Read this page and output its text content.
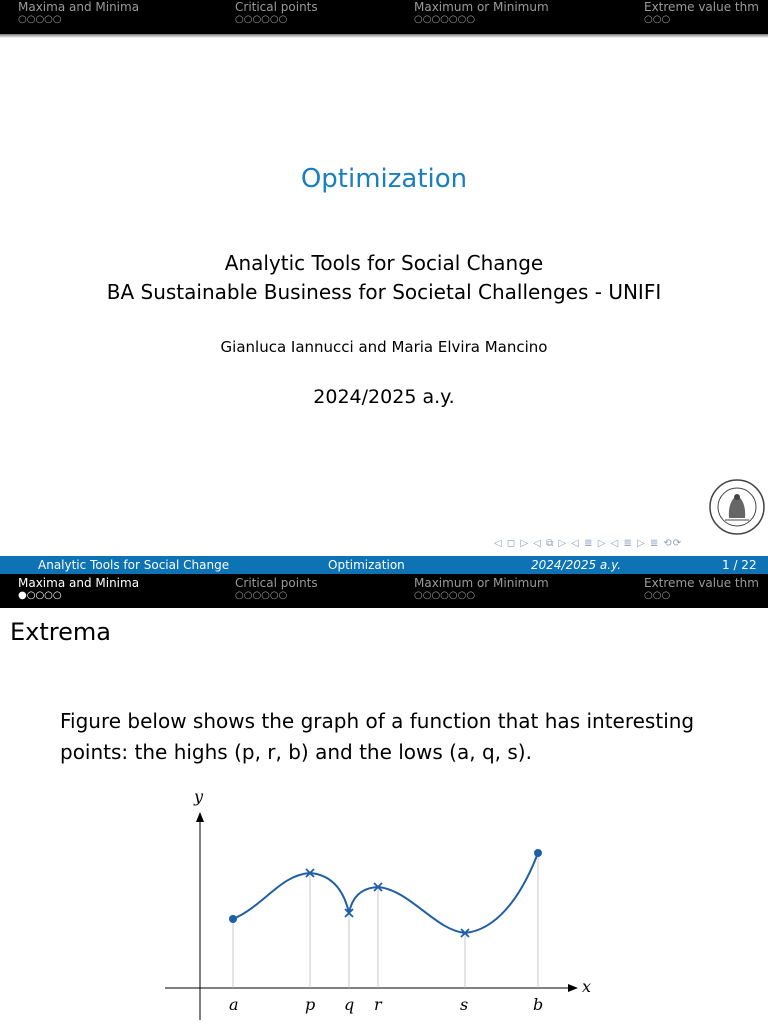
Maxima and Minima
○○○○○
Critical points
○○○○○○
Maximum or Minimum
○○○○○○○
Extreme value thm
○○○
Optimization
Analytic Tools for Social Change
BA Sustainable Business for Societal Challenges - UNIFI
Gianluca Iannucci and Maria Elvira Mancino
2024/2025 a.y.
◁ ◻ ▷ ◁ ⧉ ▷ ◁ ≣ ▷ ◁ ≣ ▷ ≣ ⟲⟳
Analytic Tools for Social Change	Optimization	2024/2025 a.y.	1 / 22
Maxima and Minima
●○○○○
Critical points
○○○○○○
Maximum or Minimum
○○○○○○○
Extreme value thm
○○○
Extrema
Figure below shows the graph of a function that has interesting points: the highs (p, r, b) and the lows (a, q, s).
y
x
a	p q r	s	b
